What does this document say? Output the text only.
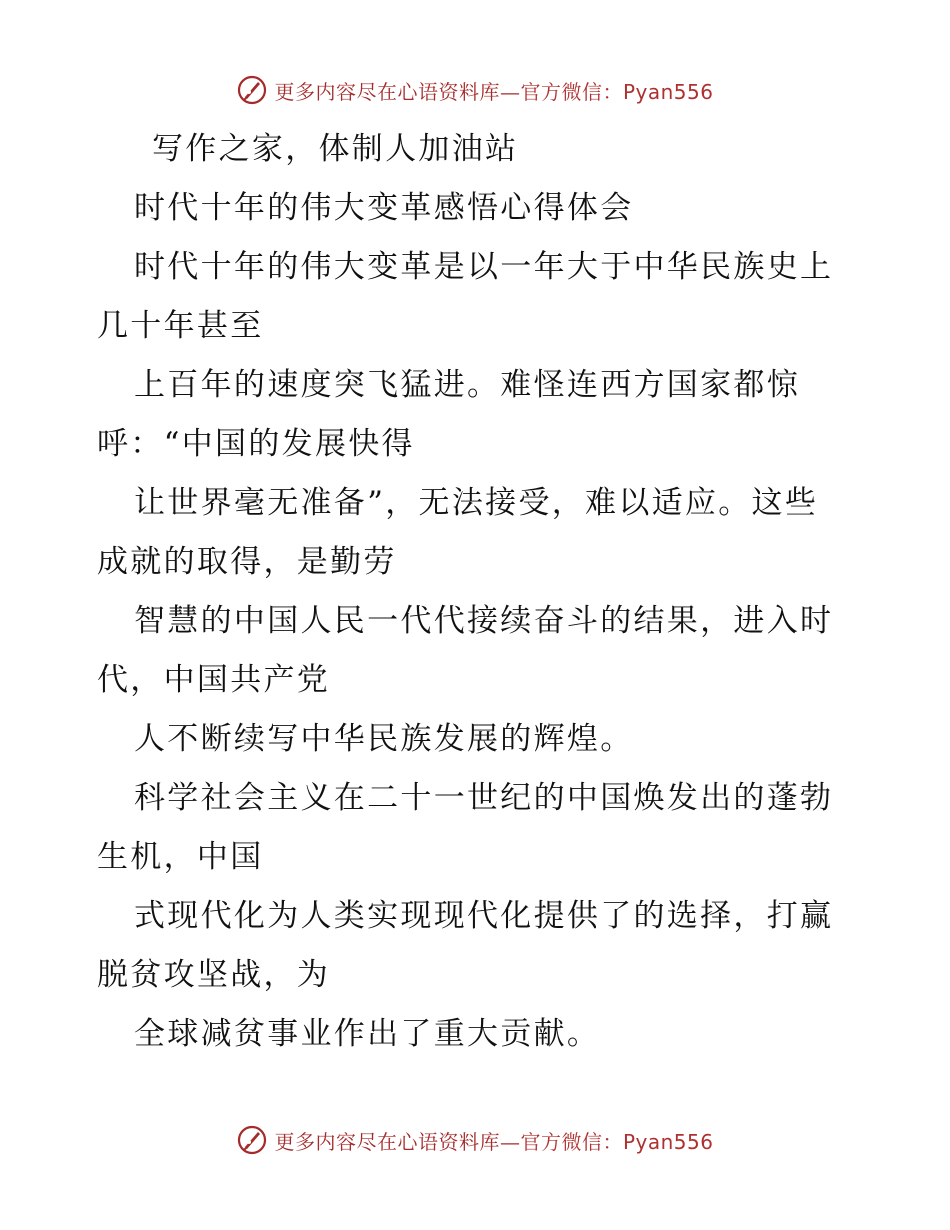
更多内容尽在心语资料库—官方微信：Pyan556
写作之家，体制人加油站
时代十年的伟大变革感悟心得体会
时代十年的伟大变革是以一年大于中华民族史上
几十年甚至
上百年的速度突飞猛进。难怪连西方国家都惊
呼：“中国的发展快得
让世界毫无准备”，无法接受，难以适应。这些
成就的取得，是勤劳
智慧的中国人民一代代接续奋斗的结果，进入时
代，中国共产党
人不断续写中华民族发展的辉煌。
科学社会主义在二十一世纪的中国焕发出的蓬勃
生机，中国
式现代化为人类实现现代化提供了的选择，打赢
脱贫攻坚战，为
全球减贫事业作出了重大贡献。
更多内容尽在心语资料库—官方微信：Pyan556
